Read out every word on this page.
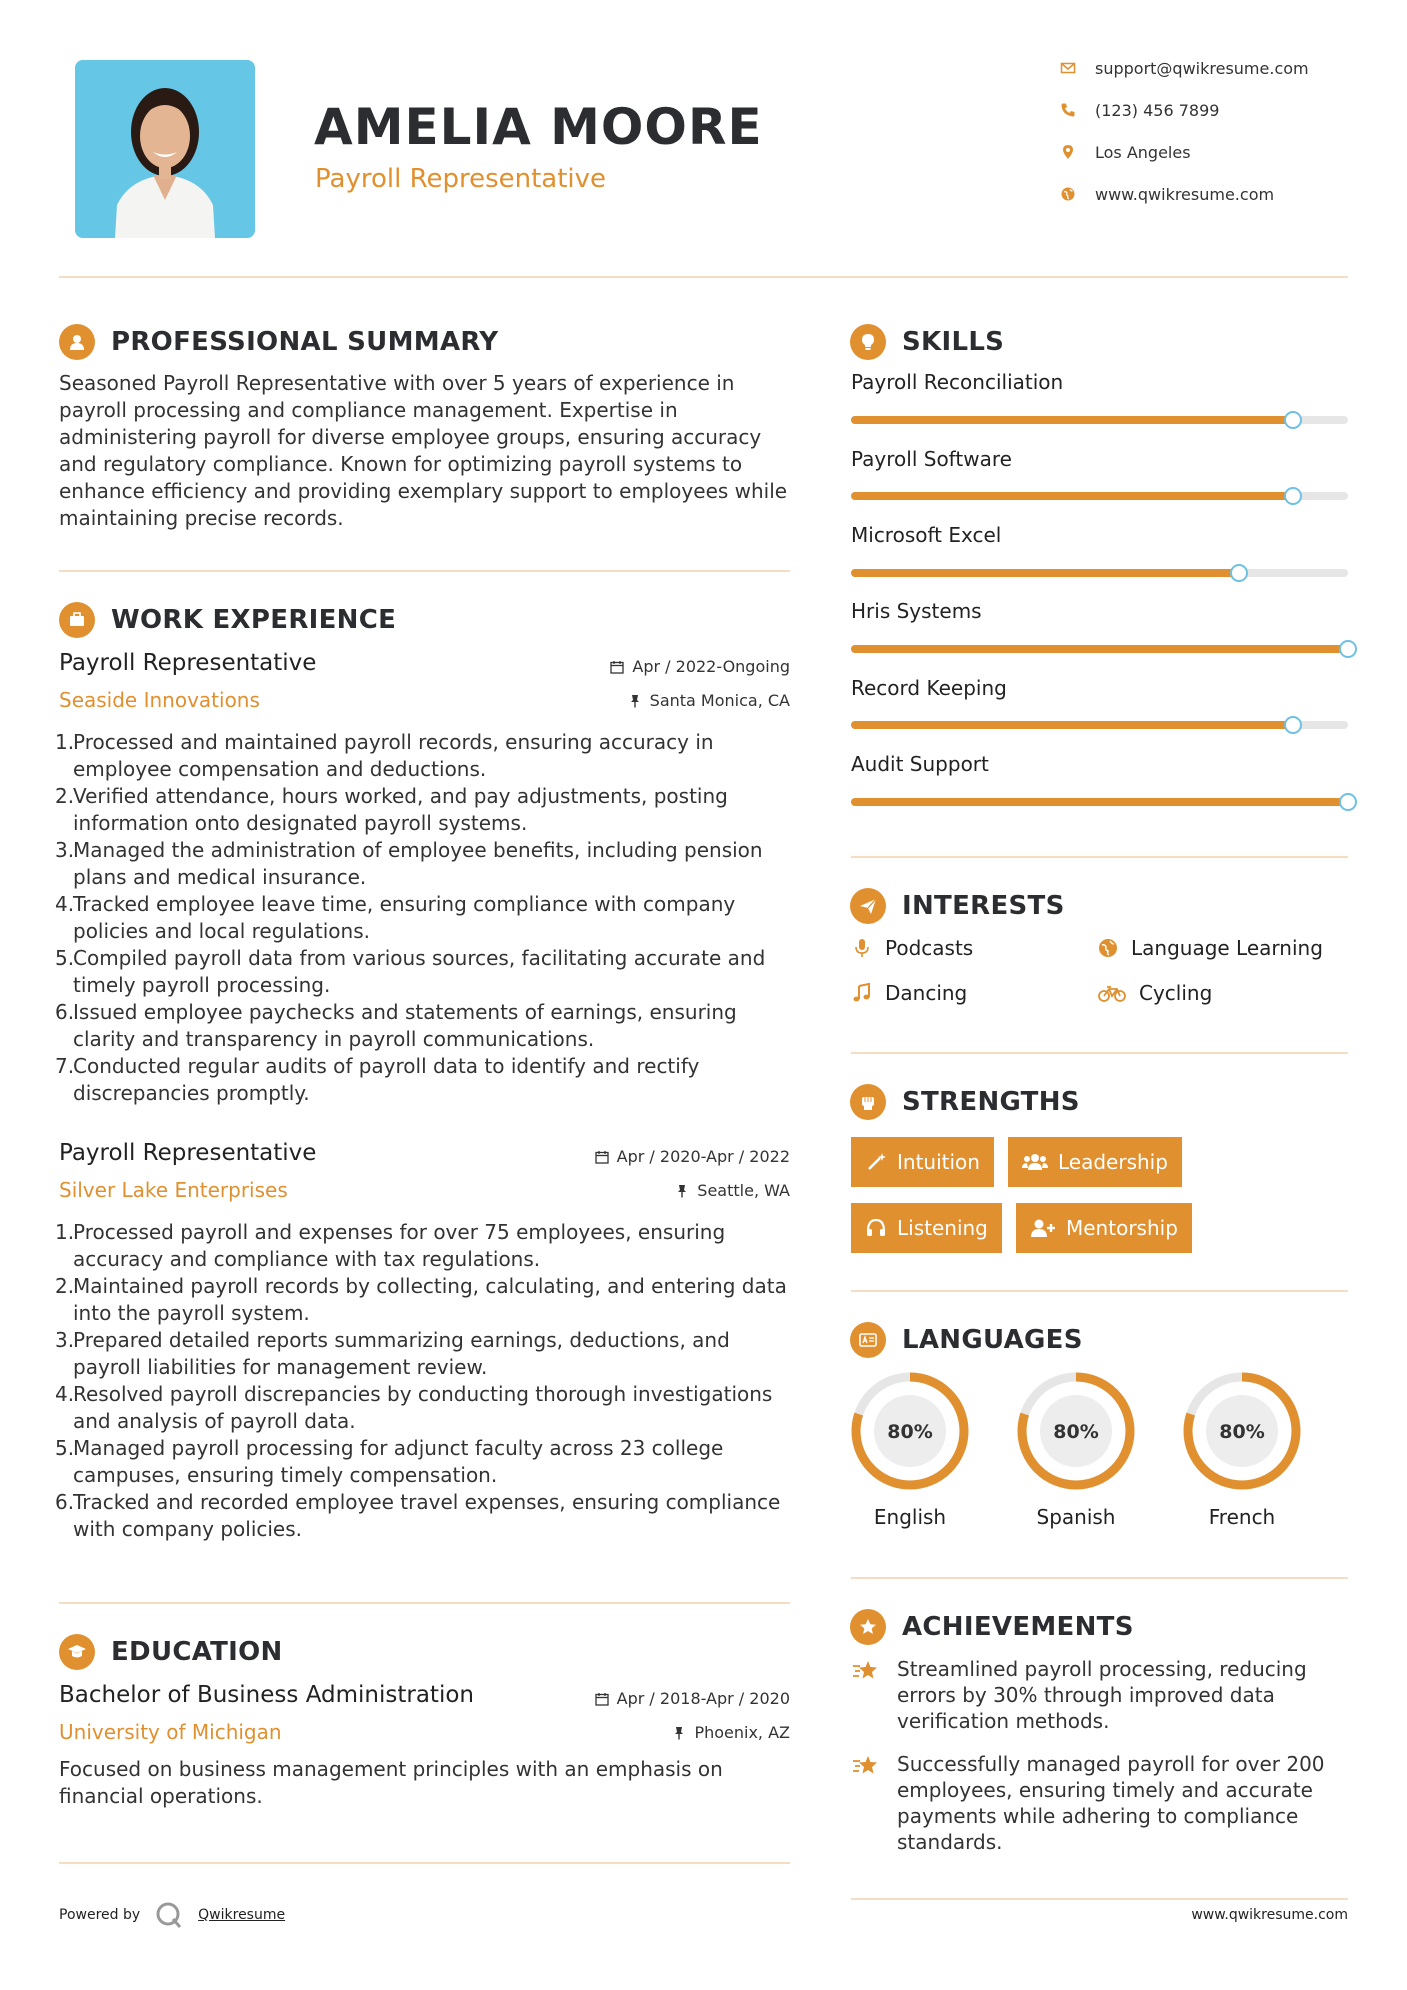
AMELIA MOORE
Payroll Representative
support@qwikresume.com
(123) 456 7899
Los Angeles
www.qwikresume.com
PROFESSIONAL SUMMARY
Seasoned Payroll Representative with over 5 years of experience in payroll processing and compliance management. Expertise in administering payroll for diverse employee groups, ensuring accuracy and regulatory compliance. Known for optimizing payroll systems to enhance efficiency and providing exemplary support to employees while maintaining precise records.
WORK EXPERIENCE
Payroll Representative	Apr / 2022-Ongoing
Seaside Innovations	Santa Monica, CA
1.
Processed and maintained payroll records, ensuring accuracy in employee compensation and deductions.
2.
Verified attendance, hours worked, and pay adjustments, posting information onto designated payroll systems.
3.
Managed the administration of employee benefits, including pension plans and medical insurance.
4.
Tracked employee leave time, ensuring compliance with company policies and local regulations.
5.
Compiled payroll data from various sources, facilitating accurate and timely payroll processing.
6.
Issued employee paychecks and statements of earnings, ensuring clarity and transparency in payroll communications.
7.
Conducted regular audits of payroll data to identify and rectify discrepancies promptly.
Payroll Representative	Apr / 2020-Apr / 2022
Silver Lake Enterprises	Seattle, WA
1.
Processed payroll and expenses for over 75 employees, ensuring accuracy and compliance with tax regulations.
2.
Maintained payroll records by collecting, calculating, and entering data into the payroll system.
3.
Prepared detailed reports summarizing earnings, deductions, and payroll liabilities for management review.
4.
Resolved payroll discrepancies by conducting thorough investigations and analysis of payroll data.
5.
Managed payroll processing for adjunct faculty across 23 college campuses, ensuring timely compensation.
6.
Tracked and recorded employee travel expenses, ensuring compliance with company policies.
EDUCATION
Bachelor of Business Administration	Apr / 2018-Apr / 2020
University of Michigan	Phoenix, AZ
Focused on business management principles with an emphasis on financial operations.
Powered by	Qwikresume
SKILLS
Payroll Reconciliation
Payroll Software
Microsoft Excel
Hris Systems
Record Keeping
Audit Support
INTERESTS
Podcasts	Language Learning
Dancing	Cycling
STRENGTHS
Intuition	Leadership
Listening	Mentorship
LANGUAGES
80%
English
80%
Spanish
80%
French
ACHIEVEMENTS
Streamlined payroll processing, reducing errors by 30% through improved data verification methods.
Successfully managed payroll for over 200 employees, ensuring timely and accurate payments while adhering to compliance standards.
www.qwikresume.com
